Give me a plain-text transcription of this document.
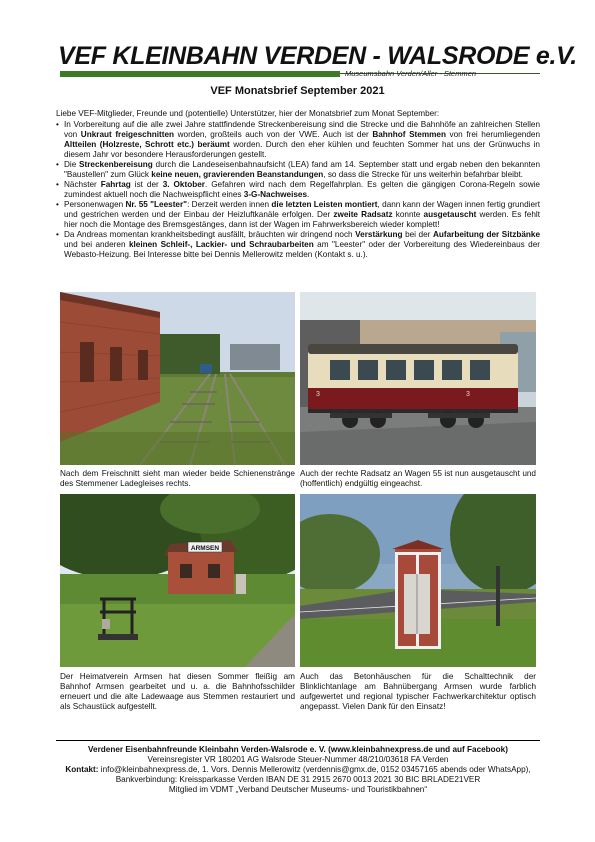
VEF KLEINBAHN VERDEN - WALSRODE e.V.
Museumsbahn Verden/Aller - Stemmen
VEF Monatsbrief September 2021
Liebe VEF-Mitglieder, Freunde und (potentielle) Unterstützer, hier der Monatsbrief zum Monat September:
• In Vorbereitung auf die alle zwei Jahre stattfindende Streckenbereisung sind die Strecke und die Bahnhöfe an zahlreichen Stellen von Unkraut freigeschnitten worden, großteils auch von der VWE. Auch ist der Bahnhof Stemmen von frei herumliegenden Altteilen (Holzreste, Schrott etc.) beräumt worden. Durch den eher kühlen und feuchten Sommer hat uns der Grünwuchs in diesem Jahr vor besondere Herausforderungen gestellt.
• Die Streckenbereisung durch die Landeseisenbahnaufsicht (LEA) fand am 14. September statt und ergab neben den bekannten "Baustellen" zum Glück keine neuen, gravierenden Beanstandungen, so dass die Strecke für uns weiterhin befahrbar bleibt.
• Nächster Fahrtag ist der 3. Oktober. Gefahren wird nach dem Regelfahrplan. Es gelten die gängigen Corona-Regeln sowie zumindest aktuell noch die Nachweispflicht eines 3-G-Nachweises.
• Personenwagen Nr. 55 "Leester": Derzeit werden innen die letzten Leisten montiert, dann kann der Wagen innen fertig grundiert und gestrichen werden und der Einbau der Heizluftkanäle erfolgen. Der zweite Radsatz konnte ausgetauscht werden. Es fehlt hier noch die Montage des Bremsgestänges, dann ist der Wagen im Fahrwerksbereich wieder komplett!
• Da Andreas momentan krankheitsbedingt ausfällt, bräuchten wir dringend noch Verstärkung bei der Aufarbeitung der Sitzbänke und bei anderen kleinen Schleif-, Lackier- und Schraubarbeiten am "Leester" oder der Vorbereitung des Wiedereinbaus der Webasto-Heizung. Bei Interesse bitte bei Dennis Mellerowitz melden (Kontakt s. u.).
Nach dem Freischnitt sieht man wieder beide Schienenstränge des Stemmener Ladegleises rechts.
3	3
Auch der rechte Radsatz an Wagen 55 ist nun ausgetauscht und (hoffentlich) endgültig eingeachst.
ARMSEN
Der Heimatverein Armsen hat diesen Sommer fleißig am Bahnhof Armsen gearbeitet und u. a. die Bahnhofsschilder erneuert und die alte Ladewaage aus Stemmen restauriert und als Schaustück aufgestellt.
Auch das Betonhäuschen für die Schalttechnik der Blinklichtanlage am Bahnübergang Armsen wurde farblich aufgewertet und regional typischer Fachwerkarchitektur optisch angepasst. Vielen Dank für den Einsatz!
Verdener Eisenbahnfreunde Kleinbahn Verden-Walsrode e. V. (www.kleinbahnexpress.de und auf Facebook)
Vereinsregister VR 180201 AG Walsrode Steuer-Nummer 48/210/03618 FA Verden
Kontakt: info@kleinbahnexpress.de, 1. Vors. Dennis Mellerowitz (verdennis@gmx.de, 0152 03457165 abends oder WhatsApp), Bankverbindung: Kreissparkasse Verden IBAN DE 31 2915 2670 0013 2021 30 BIC BRLADE21VER
Mitglied im VDMT „Verband Deutscher Museums- und Touristikbahnen“
